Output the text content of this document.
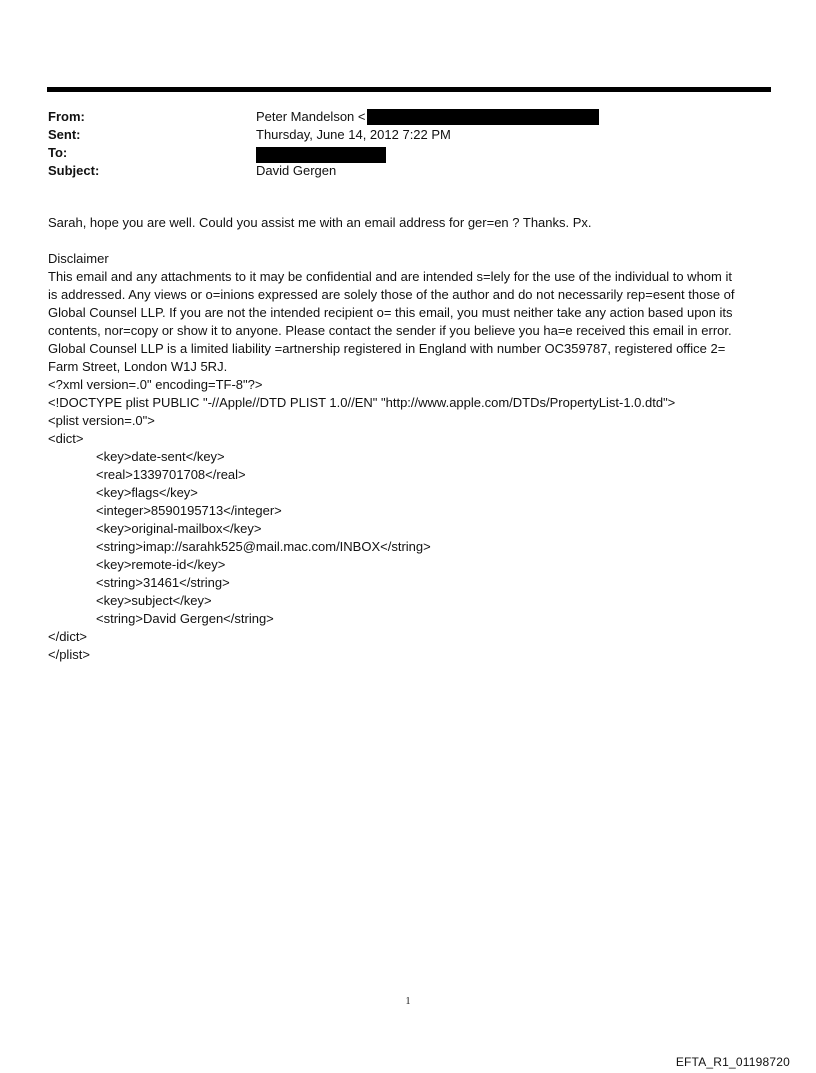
From:	Peter Mandelson <
Sent:	Thursday, June 14, 2012 7:22 PM
To:
Subject:	David Gergen

Sarah, hope you are well. Could you assist me with an email address for ger=en ? Thanks. Px.

Disclaimer

This email and any attachments to it may be confidential and are intended s=lely for the use of the individual to whom it

is addressed. Any views or o=inions expressed are solely those of the author and do not necessarily rep=esent those of

Global Counsel LLP. If you are not the intended recipient o= this email, you must neither take any action based upon its

contents, nor=copy or show it to anyone. Please contact the sender if you believe you ha=e received this email in error.

Global Counsel LLP is a limited liability =artnership registered in England with number OC359787, registered office 2=

Farm Street, London W1J 5RJ.

<?xml version=.0" encoding=TF-8"?>

<!DOCTYPE plist PUBLIC "-//Apple//DTD PLIST 1.0//EN" "http://www.apple.com/DTDs/PropertyList-1.0.dtd">

<plist version=.0">

<dict>

<key>date-sent</key>

<real>1339701708</real>

<key>flags</key>

<integer>8590195713</integer>

<key>original-mailbox</key>

<string>imap://sarahk525@mail.mac.com/INBOX</string>

<key>remote-id</key>

<string>31461</string>

<key>subject</key>

<string>David Gergen</string>

</dict>

</plist>

1
EFTA_R1_01198720
